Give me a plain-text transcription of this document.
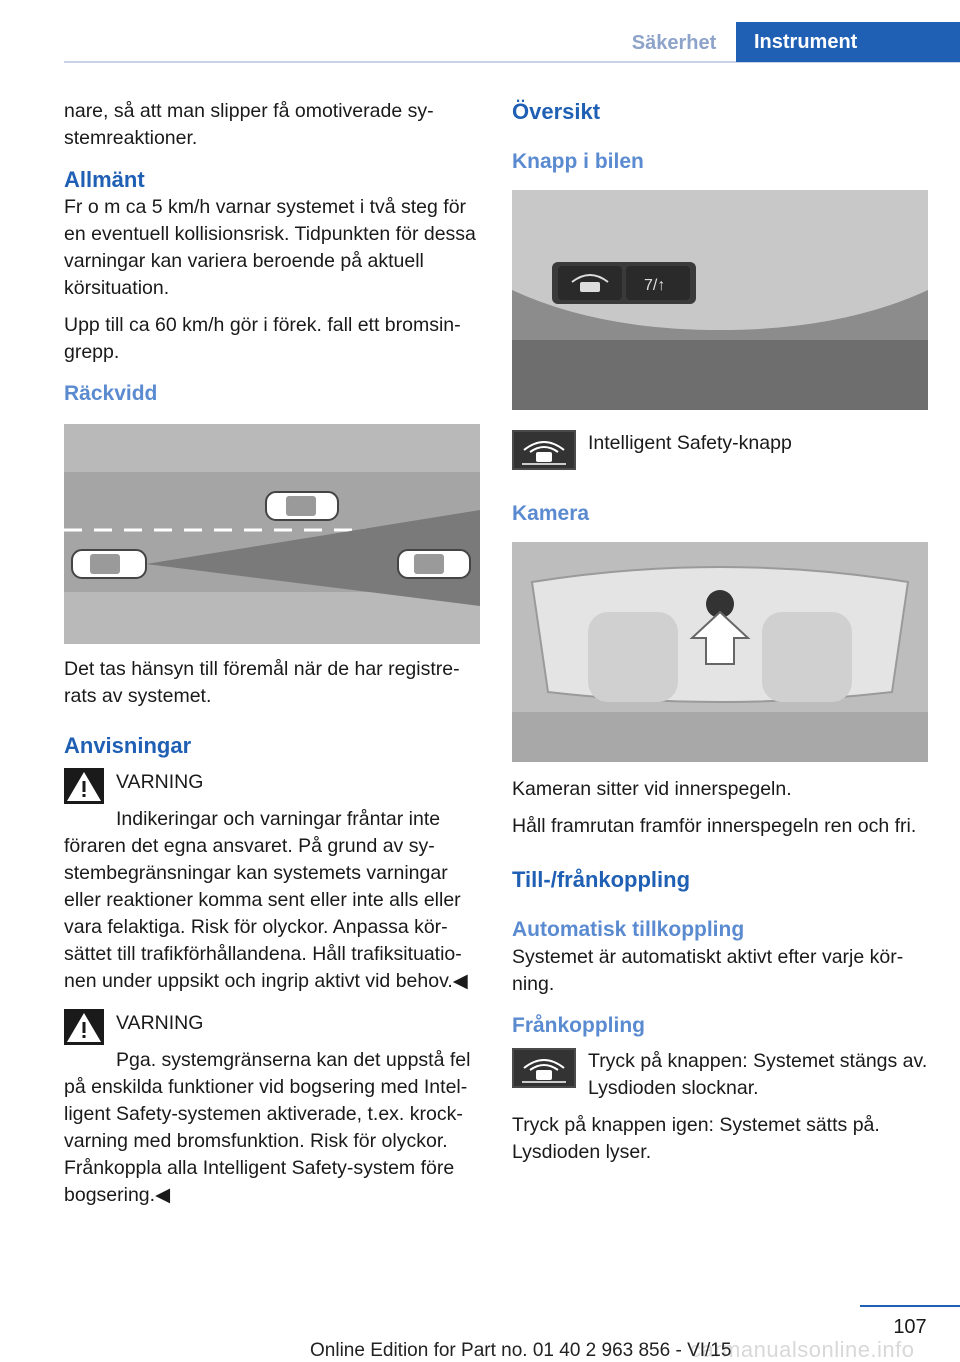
Säkerhet	Instrument

nare, så att man slipper få omotiverade systemreaktioner.

Allmänt

Fr o m ca 5 km/h varnar systemet i två steg för en eventuell kollisionsrisk. Tidpunkten för dessa varningar kan variera beroende på aktuell körsituation.

Upp till ca 60 km/h gör i förek. fall ett bromsingrepp.

Räckvidd

Det tas hänsyn till föremål när de har registrerats av systemet.

Anvisningar
VARNING

Indikeringar och varningar fråntar inte föraren det egna ansvaret. På grund av systembegränsningar kan systemets varningar eller reaktioner komma sent eller inte alls eller vara felaktiga. Risk för olyckor. Anpassa körsättet till trafikförhållandena. Håll trafiksituationen under uppsikt och ingrip aktivt vid behov.◀

VARNING

Pga. systemgränserna kan det uppstå fel på enskilda funktioner vid bogsering med Intelligent Safety-systemen aktiverade, t.ex. krockvarning med bromsfunktion. Risk för olyckor. Frånkoppla alla Intelligent Safety-system före bogsering.◀

Översikt
Knapp i bilen
7/↑

Intelligent Safety-knapp

Kamera

Kameran sitter vid innerspegeln.

Håll framrutan framför innerspegeln ren och fri.

Till-/frånkoppling
Automatisk tillkoppling

Systemet är automatiskt aktivt efter varje körning.

Frånkoppling

Tryck på knappen: Systemet stängs av. Lysdioden slocknar.

Tryck på knappen igen: Systemet sätts på. Lysdioden lyser.

107
carmanualsonline.info
Online Edition for Part no. 01 40 2 963 856 - VI/15
